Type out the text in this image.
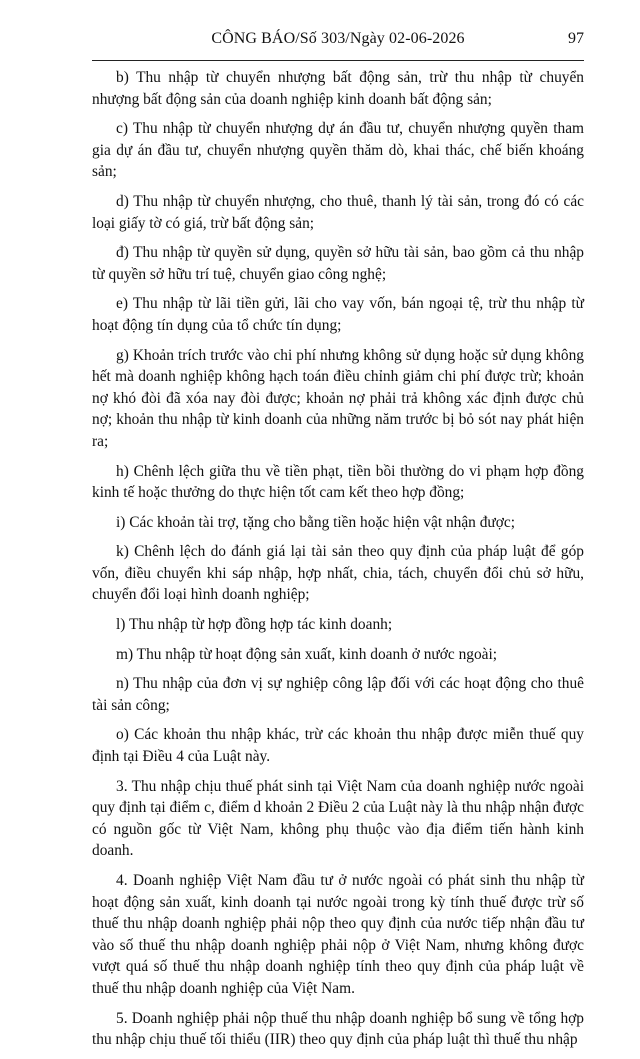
CÔNG BÁO/Số 303/Ngày 02-06-2026	97

b) Thu nhập từ chuyển nhượng bất động sản, trừ thu nhập từ chuyển nhượng bất động sản của doanh nghiệp kinh doanh bất động sản;

c) Thu nhập từ chuyển nhượng dự án đầu tư, chuyển nhượng quyền tham gia dự án đầu tư, chuyển nhượng quyền thăm dò, khai thác, chế biến khoáng sản;

d) Thu nhập từ chuyển nhượng, cho thuê, thanh lý tài sản, trong đó có các loại giấy tờ có giá, trừ bất động sản;

đ) Thu nhập từ quyền sử dụng, quyền sở hữu tài sản, bao gồm cả thu nhập từ quyền sở hữu trí tuệ, chuyển giao công nghệ;

e) Thu nhập từ lãi tiền gửi, lãi cho vay vốn, bán ngoại tệ, trừ thu nhập từ hoạt động tín dụng của tổ chức tín dụng;

g) Khoản trích trước vào chi phí nhưng không sử dụng hoặc sử dụng không hết mà doanh nghiệp không hạch toán điều chỉnh giảm chi phí được trừ; khoản nợ khó đòi đã xóa nay đòi được; khoản nợ phải trả không xác định được chủ nợ; khoản thu nhập từ kinh doanh của những năm trước bị bỏ sót nay phát hiện ra;

h) Chênh lệch giữa thu về tiền phạt, tiền bồi thường do vi phạm hợp đồng kinh tế hoặc thưởng do thực hiện tốt cam kết theo hợp đồng;

i) Các khoản tài trợ, tặng cho bằng tiền hoặc hiện vật nhận được;

k) Chênh lệch do đánh giá lại tài sản theo quy định của pháp luật để góp vốn, điều chuyển khi sáp nhập, hợp nhất, chia, tách, chuyển đổi chủ sở hữu, chuyển đổi loại hình doanh nghiệp;

l) Thu nhập từ hợp đồng hợp tác kinh doanh;

m) Thu nhập từ hoạt động sản xuất, kinh doanh ở nước ngoài;

n) Thu nhập của đơn vị sự nghiệp công lập đối với các hoạt động cho thuê tài sản công;

o) Các khoản thu nhập khác, trừ các khoản thu nhập được miễn thuế quy định tại Điều 4 của Luật này.

3. Thu nhập chịu thuế phát sinh tại Việt Nam của doanh nghiệp nước ngoài quy định tại điểm c, điểm d khoản 2 Điều 2 của Luật này là thu nhập nhận được có nguồn gốc từ Việt Nam, không phụ thuộc vào địa điểm tiến hành kinh doanh.

4. Doanh nghiệp Việt Nam đầu tư ở nước ngoài có phát sinh thu nhập từ hoạt động sản xuất, kinh doanh tại nước ngoài trong kỳ tính thuế được trừ số thuế thu nhập doanh nghiệp phải nộp theo quy định của nước tiếp nhận đầu tư vào số thuế thu nhập doanh nghiệp phải nộp ở Việt Nam, nhưng không được vượt quá số thuế thu nhập doanh nghiệp tính theo quy định của pháp luật về thuế thu nhập doanh nghiệp của Việt Nam.

5. Doanh nghiệp phải nộp thuế thu nhập doanh nghiệp bổ sung về tổng hợp thu nhập chịu thuế tối thiểu (IIR) theo quy định của pháp luật thì thuế thu nhập
